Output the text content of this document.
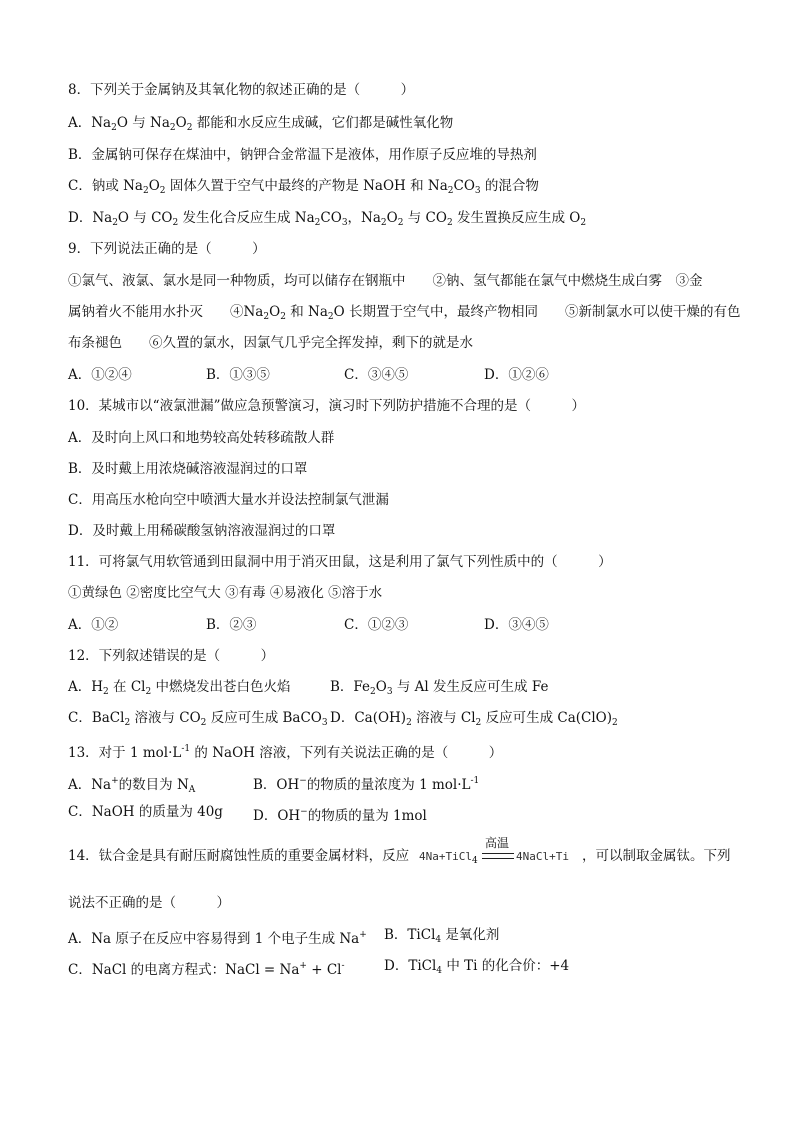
8．下列关于金属钠及其氧化物的叙述正确的是（　　　）
A．$Na_2O$ 与 $Na_2O_2$ 都能和水反应生成碱，它们都是碱性氧化物
B．金属钠可保存在煤油中，钠钾合金常温下是液体，用作原子反应堆的导热剂
C．钠或 $Na_2O_2$ 固体久置于空气中最终的产物是 NaOH 和 $Na_2CO_3$ 的混合物
D．$Na_2O$ 与 $CO_2$ 发生化合反应生成 $Na_2CO_3$，$Na_2O_2$ 与 $CO_2$ 发生置换反应生成 $O_2$
9．下列说法正确的是（　　　）
①氯气、液氯、氯水是同一种物质，均可以储存在钢瓶中　　②钠、氢气都能在氯气中燃烧生成白雾　③金
属钠着火不能用水扑灭　　$④Na_2O_2$ 和 $Na_2O$ 长期置于空气中，最终产物相同　　⑤新制氯水可以使干燥的有色
布条褪色　　⑥久置的氯水，因氯气几乎完全挥发掉，剩下的就是水
A．①②④	B．①③⑤	C．③④⑤	D．①②⑥
10．某城市以“液氯泄漏”做应急预警演习，演习时下列防护措施不合理的是（　　　）
A．及时向上风口和地势较高处转移疏散人群
B．及时戴上用浓烧碱溶液湿润过的口罩
C．用高压水枪向空中喷洒大量水并设法控制氯气泄漏
D．及时戴上用稀碳酸氢钠溶液湿润过的口罩
11．可将氯气用软管通到田鼠洞中用于消灭田鼠，这是利用了氯气下列性质中的（　　　）
①黄绿色 ②密度比空气大 ③有毒 ④易液化 ⑤溶于水
A．①②	B．②③	C．①②③	D．③④⑤
12．下列叙述错误的是（　　　）
A．$H_2$ 在 $Cl_2$ 中燃烧发出苍白色火焰	B．$Fe_2O_3$ 与 Al 发生反应可生成 Fe
C．BaCl$_2$ 溶液与 $CO_2$ 反应可生成 BaCO$_3$ D．$Ca(OH)_2$ 溶液与 $Cl_2$ 反应可生成 $Ca(ClO)_2$
13．对于 1 $mol\cdot L^{-1}$ 的 NaOH 溶液，下列有关说法正确的是（　　　）
A．Na+的数目为 $N_A$	B．OH−的物质的量浓度为 1 $mol\cdot L^{-1}$
C．NaOH 的质量为 40g D．OH−的物质的量为 1mol
14．钛合金是具有耐压耐腐蚀性质的重要金属材料，反应 4Na+TiCl$_4$
高温
4NaCl+Ti ，可以制取金属钛。下列
说法不正确的是（　　　）
A．Na 原子在反应中容易得到 1 个电子生成 Na+ B．TiCl$_4$ 是氧化剂
C．NaCl 的电离方程式：NaCl = Na+ + Cl-	D．TiCl$_4$ 中 Ti 的化合价：+4
